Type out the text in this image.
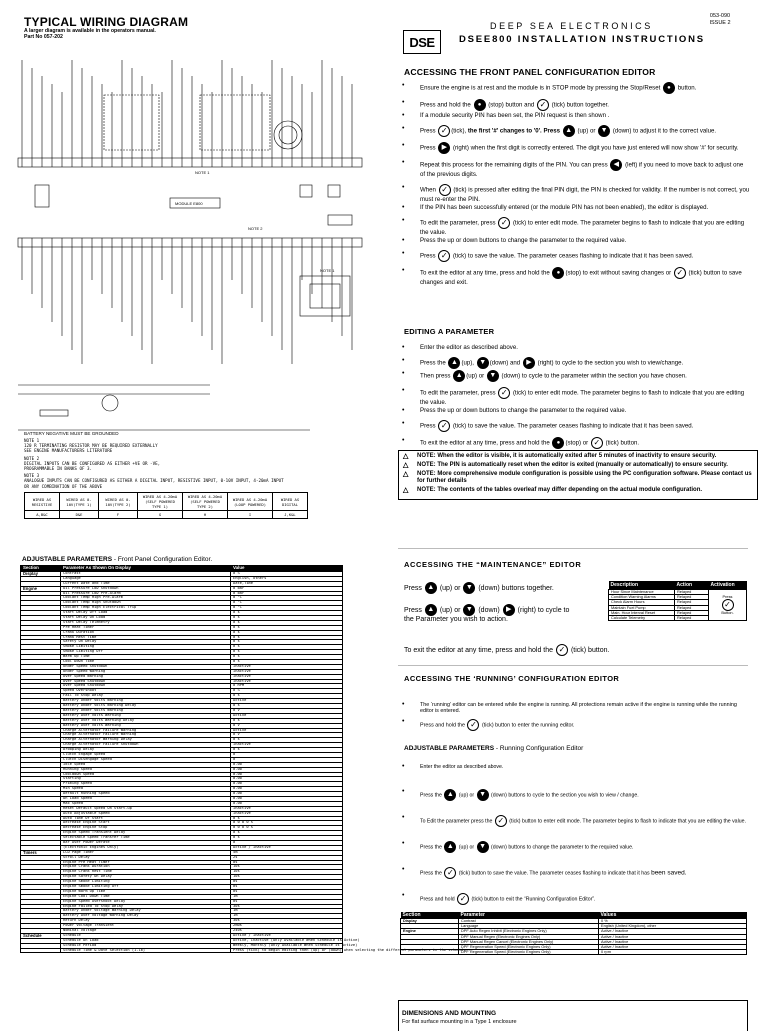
TYPICAL WIRING DIAGRAM
A larger diagram is available in the operators manual.
Part No 057-202
MODULE E800
NOTE 1
NOTE 2
NOTE 1
BATTERY NEGATIVE MUST BE GROUNDED
NOTE 1
120 R TERMINATING RESISTOR MAY BE REQUIRED EXTERNALLY
SEE ENGINE MANUFACTURERS LITERATURE
NOTE 2
DIGITAL INPUTS CAN BE CONFIGURED AS EITHER +VE OR -VE,
PROGRAMMABLE IN BANKS OF 3.
NOTE 3
ANALOGUE INPUTS CAN BE CONFIGURED AS EITHER A DIGITAL INPUT, RESISTIVE INPUT, 0-10V INPUT, 4-20mA INPUT
OR ANY COMBINATION OF THE ABOVE
WIRED AS RESISTIVE	WIRED AS 0-10V(TYPE 1)	WIRED AS 0-10V(TYPE 2)	WIRED AS 4-20mA (SELF POWERED TYPE 1)	WIRED AS 4-20mA (SELF POWERED TYPE 2)	WIRED AS 4-20mA (LOOP POWERED)	WIRED AS DIGITAL
A,B&C	D&E	F	G	H	I	J,K&L
DSE
DEEP SEA ELECTRONICS
DSEE800 INSTALLATION INSTRUCTIONS
053-090
ISSUE 2
ACCESSING THE FRONT PANEL CONFIGURATION EDITOR
• Ensure the engine is at rest and the module is in STOP mode by pressing the Stop/Reset ● button.
• Press and hold the ● (stop) button and ✓ (tick) button together.
• If a module security PIN has been set, the PIN request is then shown .
• Press ✓ (tick), the first '#' changes to '0'. Press ▲ (up) or ▼ (down) to adjust it to the correct value.
• Press ▶ (right) when the first digit is correctly entered. The digit you have just entered will now show '#' for security.
• Repeat this process for the remaining digits of the PIN. You can press ◀ (left) if you need to move back to adjust one of the previous digits.
• When ✓ (tick) is pressed after editing the final PIN digit, the PIN is checked for validity. If the number is not correct, you must re-enter the PIN.
• If the PIN has been successfully entered (or the module PIN has not been enabled), the editor is displayed.
• To edit the parameter, press ✓ (tick) to enter edit mode. The parameter begins to flash to indicate that you are editing the value.
• Press the up or down buttons to change the parameter to the required value.
• Press ✓ (tick) to save the value. The parameter ceases flashing to indicate that it has been saved.
• To exit the editor at any time, press and hold the ● (stop) to exit without saving changes or ✓ (tick) button to save changes and exit.
EDITING A PARAMETER
• Enter the editor as described above.
• Press the ▲ (up), ▼ (down) and ▶ (right) to cycle to the section you wish to view/change.
• Then press ▲ (up) or ▼ (down) to cycle to the parameter within the section you have chosen.
• To edit the parameter, press ✓ (tick) to enter edit mode. The parameter begins to flash to indicate that you are editing the value.
• Press the up or down buttons to change the parameter to the required value.
• Press ✓ (tick) to save the value. The parameter ceases flashing to indicate that it has been saved.
• To exit the editor at any time, press and hold the ● (stop) or ✓ (tick) button.

△ NOTE: When the editor is visible, it is automatically exited after 5 minutes of inactivity to ensure security.

△ NOTE: The PIN is automatically reset when the editor is exited (manually or automatically) to ensure security.

△ NOTE: More comprehensive module configuration is possible using the PC configuration software. Please contact us for further details

△ NOTE: The contents of the tables overleaf may differ depending on the actual module configuration.

ADJUSTABLE PARAMETERS - Front Panel Configuration Editor.
Section	Parameter As Shown On Display	Value
Display	Contrast	0 %
	Language	English, others
	Current Date and Time	Date,Time
Engine	Oil Pressure Low Shutdown	0 bar
	Oil Pressure Low Pre-Alarm	0 bar
	Coolant Temp High Pre-Alarm	0 °C
	Coolant Temp High Shutdown	0 °C
	Coolant Temp High Electrical Trip	0 °C
	Start Delay Off Load	0 s
	Start Delay On Load	0 s
	Start Delay Telemetry	0 s
	Pre Heat Timer	0 s
	Crank Duration	0 s
	Crank Rest Time	0 s
	Safety On Delay	0 s
	Smoke Limiting	0 s
	Smoke Limiting Off	0 s
	Warm Up Time	0 s
	Cool Down Time	0 s
	Under Speed Shutdown	Inactive
	Under Speed Warning	Inactive
	Over Speed Warning	Inactive
	Over Speed Shutdown	Inactive
	Over Speed Shutdown	0 RPM
	Speed Overshoot	0 %
	Fail To Stop Delay	0 s
	Battery Under Volts Warning	Active
	Battery Under Volts Warning Delay	0 s
	Battery Under Volts Warning	0 V
	Battery Over Volts Warning	Active
	Battery Over Volts Warning Delay	0 s
	Battery Over Volts Warning	0 V
	Charge Alternator Failure Warning	Active
	Charge Alternator Failure Warning	0 V
	Charge Alternator Warning Delay	0 s
	Charge Alternator Failure Shutdown	Inactive
	Drooping Delay	0 s
	Clutch Engage Speed	0
	Clutch Disengage Speed	0
	Idle Speed	0.00
	Running Speed	0.00
	Cooldown Speed	0.00
	Starting	0.00
	Priming Speed	0.00
	Min Speed	0.00
	Default Running Speed	0.00
	On Load Speed	0.00
	Max Speed	0.00
	Reset Default Speed On Start-up	Inactive
	Auto Adjustable Speed	Inactive
	Auto Time Of Start	0 s
	Decrease Engine Start	0 0 0 0 s
	Decrease Engine Stop	0 0 0 0 s
	Engine Speed Transient Delay	0 s
	Selectable Speed Transfer Time	0 s
	Bar Over Power Derate	0
	(Electronic Engines Only)	Active / Inactive
Timers	LCD Page Timer	5m
	Scroll Delay	2s
	Engine Pre Heat Timer	0s
	Engine Crank Duration	10s
	Engine Crank Rest Time	10s
	Engine Safety On Delay	10s
	Engine Smoke Limiting	0s
	Engine Smoke Limiting Off	0s
	Engine Warm Up Time	0s
	Engine Cool Down Time	1m
	Engine Speed Overshoot Delay	0s
	Engine Failed To Stop Delay	30s
	Battery Under Voltage Warning Delay	1m
	Battery Over Voltage Warning Delay	1m
	Return Delay	30s
	Power Voltage Transient	2m0s
	Nominal Voltage	240s
Schedule	Schedule	Active / Inactive
	Schedule On Load	Active, Inactive (Only Available When Schedule is Active)
	Schedule Period	Weekly, Monthly (Only Available When Schedule is Active)
	Schedule Time & Date Selection (1-16)	Press (tick) to begin editing then (up) or (down) when selecting the different parameters in the scheduler.
ACCESSING THE “MAINTENANCE” EDITOR
Press ▲ (up) or ▼ (down) buttons together.
Press ▲ (up) or ▼ (down) ▶ (right) to cycle to
the Parameter you wish to action.
To exit the editor at any time, press and hold the ✓ (tick) button.
Description	Action	Activation
Hour Since Maintenance	Relayed	Press
✓
Button.
Condition Warning Alarms	Relayed	
Check Alarm Hours	Relayed	
Maintain Fuel Pump	Relayed	
Main. Hour Interval Reset	Relayed	
Calculate Telemetry	Relayed	
ACCESSING THE ‘RUNNING’ CONFIGURATION EDITOR
• The ‘running’ editor can be entered while the engine is running. All protections remain active if the engine is running while the running editor is entered.
• Press and hold the ✓ (tick) button to enter the running editor.
ADJUSTABLE PARAMETERS - Running Configuration Editor
• Enter the editor as described above.
• Press the ▲ (up) or ▼ (down) buttons to cycle to the section you wish to view / change.
• To Edit the parameter press the ✓ (tick) button to enter edit mode. The parameter begins to flash to indicate that you are editing the value.
• Press the ▲ (up) or ▼ (down) buttons to change the parameter to the required value.
• Press the ✓ (tick) button to save the value. The parameter ceases flashing to indicate that it has been saved.
• Press and hold ✓ (tick) button to exit the “Running Configuration Editor”.
Section	Parameter	Values
Display	Contrast	0 %
	Language	English (United Kingdom), other
Engine	DPF Auto Regen Inhibit (Electronic Engines Only)	Active / Inactive
	DPF Manual Regen (Electronic Engines Only)	Active / Inactive
	DPF Manual Regen Cancel (Electronic Engines Only)	Active / Inactive
	DPF Regeneration Speed (Electronic Engines Only)	Active / Inactive
	DPF Regeneration Speed (Electronic Engines Only)	0 rpm
DIMENSIONS AND MOUNTING
For flat surface mounting in a Type 1 enclosure
